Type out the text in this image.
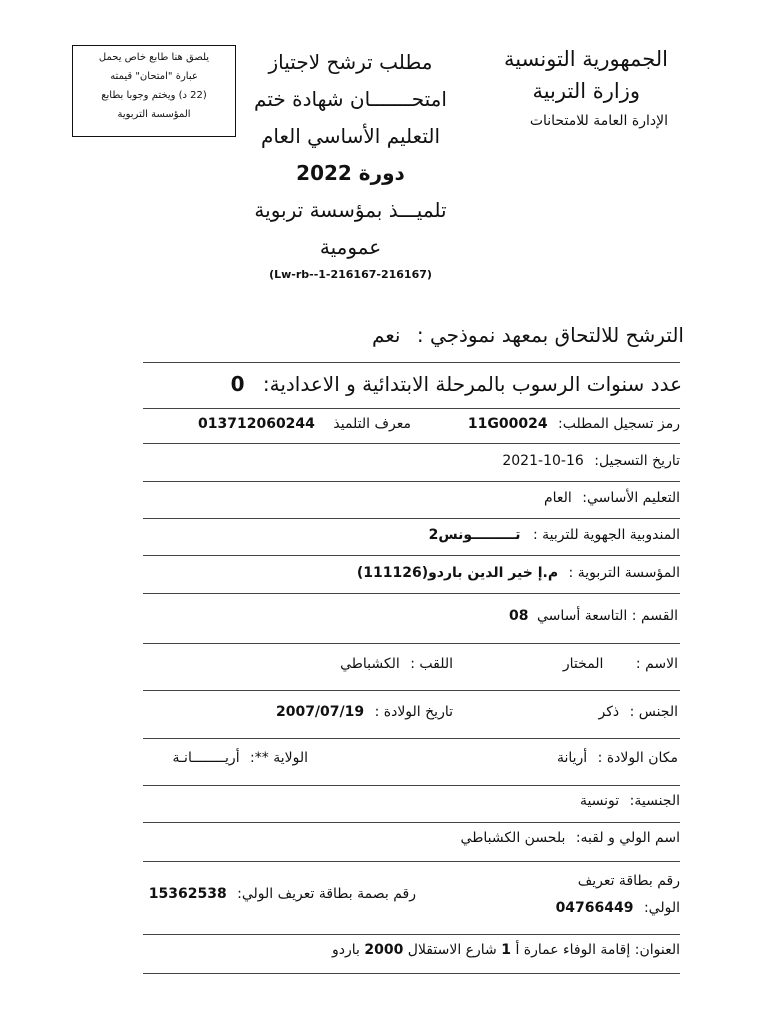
الجمهورية التونسية
وزارة التربية
الإدارة العامة للامتحانات
مطلب ترشح لاجتياز
امتحـــــــان شهادة ختم
التعليم الأساسي العام
دورة 2022
تلميـــذ بمؤسسة تربوية
عمومية
(Lw-rb--1-216167-216167)
يلصق هنا طابع خاص يحمل
عبارة "امتحان" قيمته
(22 د) ويختم وجوبا بطابع
المؤسسة التربوية
الترشح للالتحاق بمعهد نموذجي : نعم
عدد سنوات الرسوب بالمرحلة الابتدائية و الاعدادية: 0
رمز تسجيل المطلب: 11G00024
معرف التلميذ 013712060244
تاريخ التسجيل: 16-10-2021
التعليم الأساسي: العام
المندوبية الجهوية للتربية : تـــــــــونس2
المؤسسة التربوية : م.إ خير الدين باردو(111126)
القسم : التاسعة أساسي 08
الاسم : المختار
اللقب : الكشباطي
الجنس : ذكر
تاريخ الولادة : 2007/07/19
مكان الولادة : أريانة
الولاية **: أريــــــــانـة
الجنسية: تونسية
اسم الولي و لقبه: بلحسن الكشباطي
رقم بطاقة تعريف
الولي: 04766449
رقم بصمة بطاقة تعريف الولي: 15362538
العنوان: إقامة الوفاء عمارة أ 1 شارع الاستقلال 2000 باردو
